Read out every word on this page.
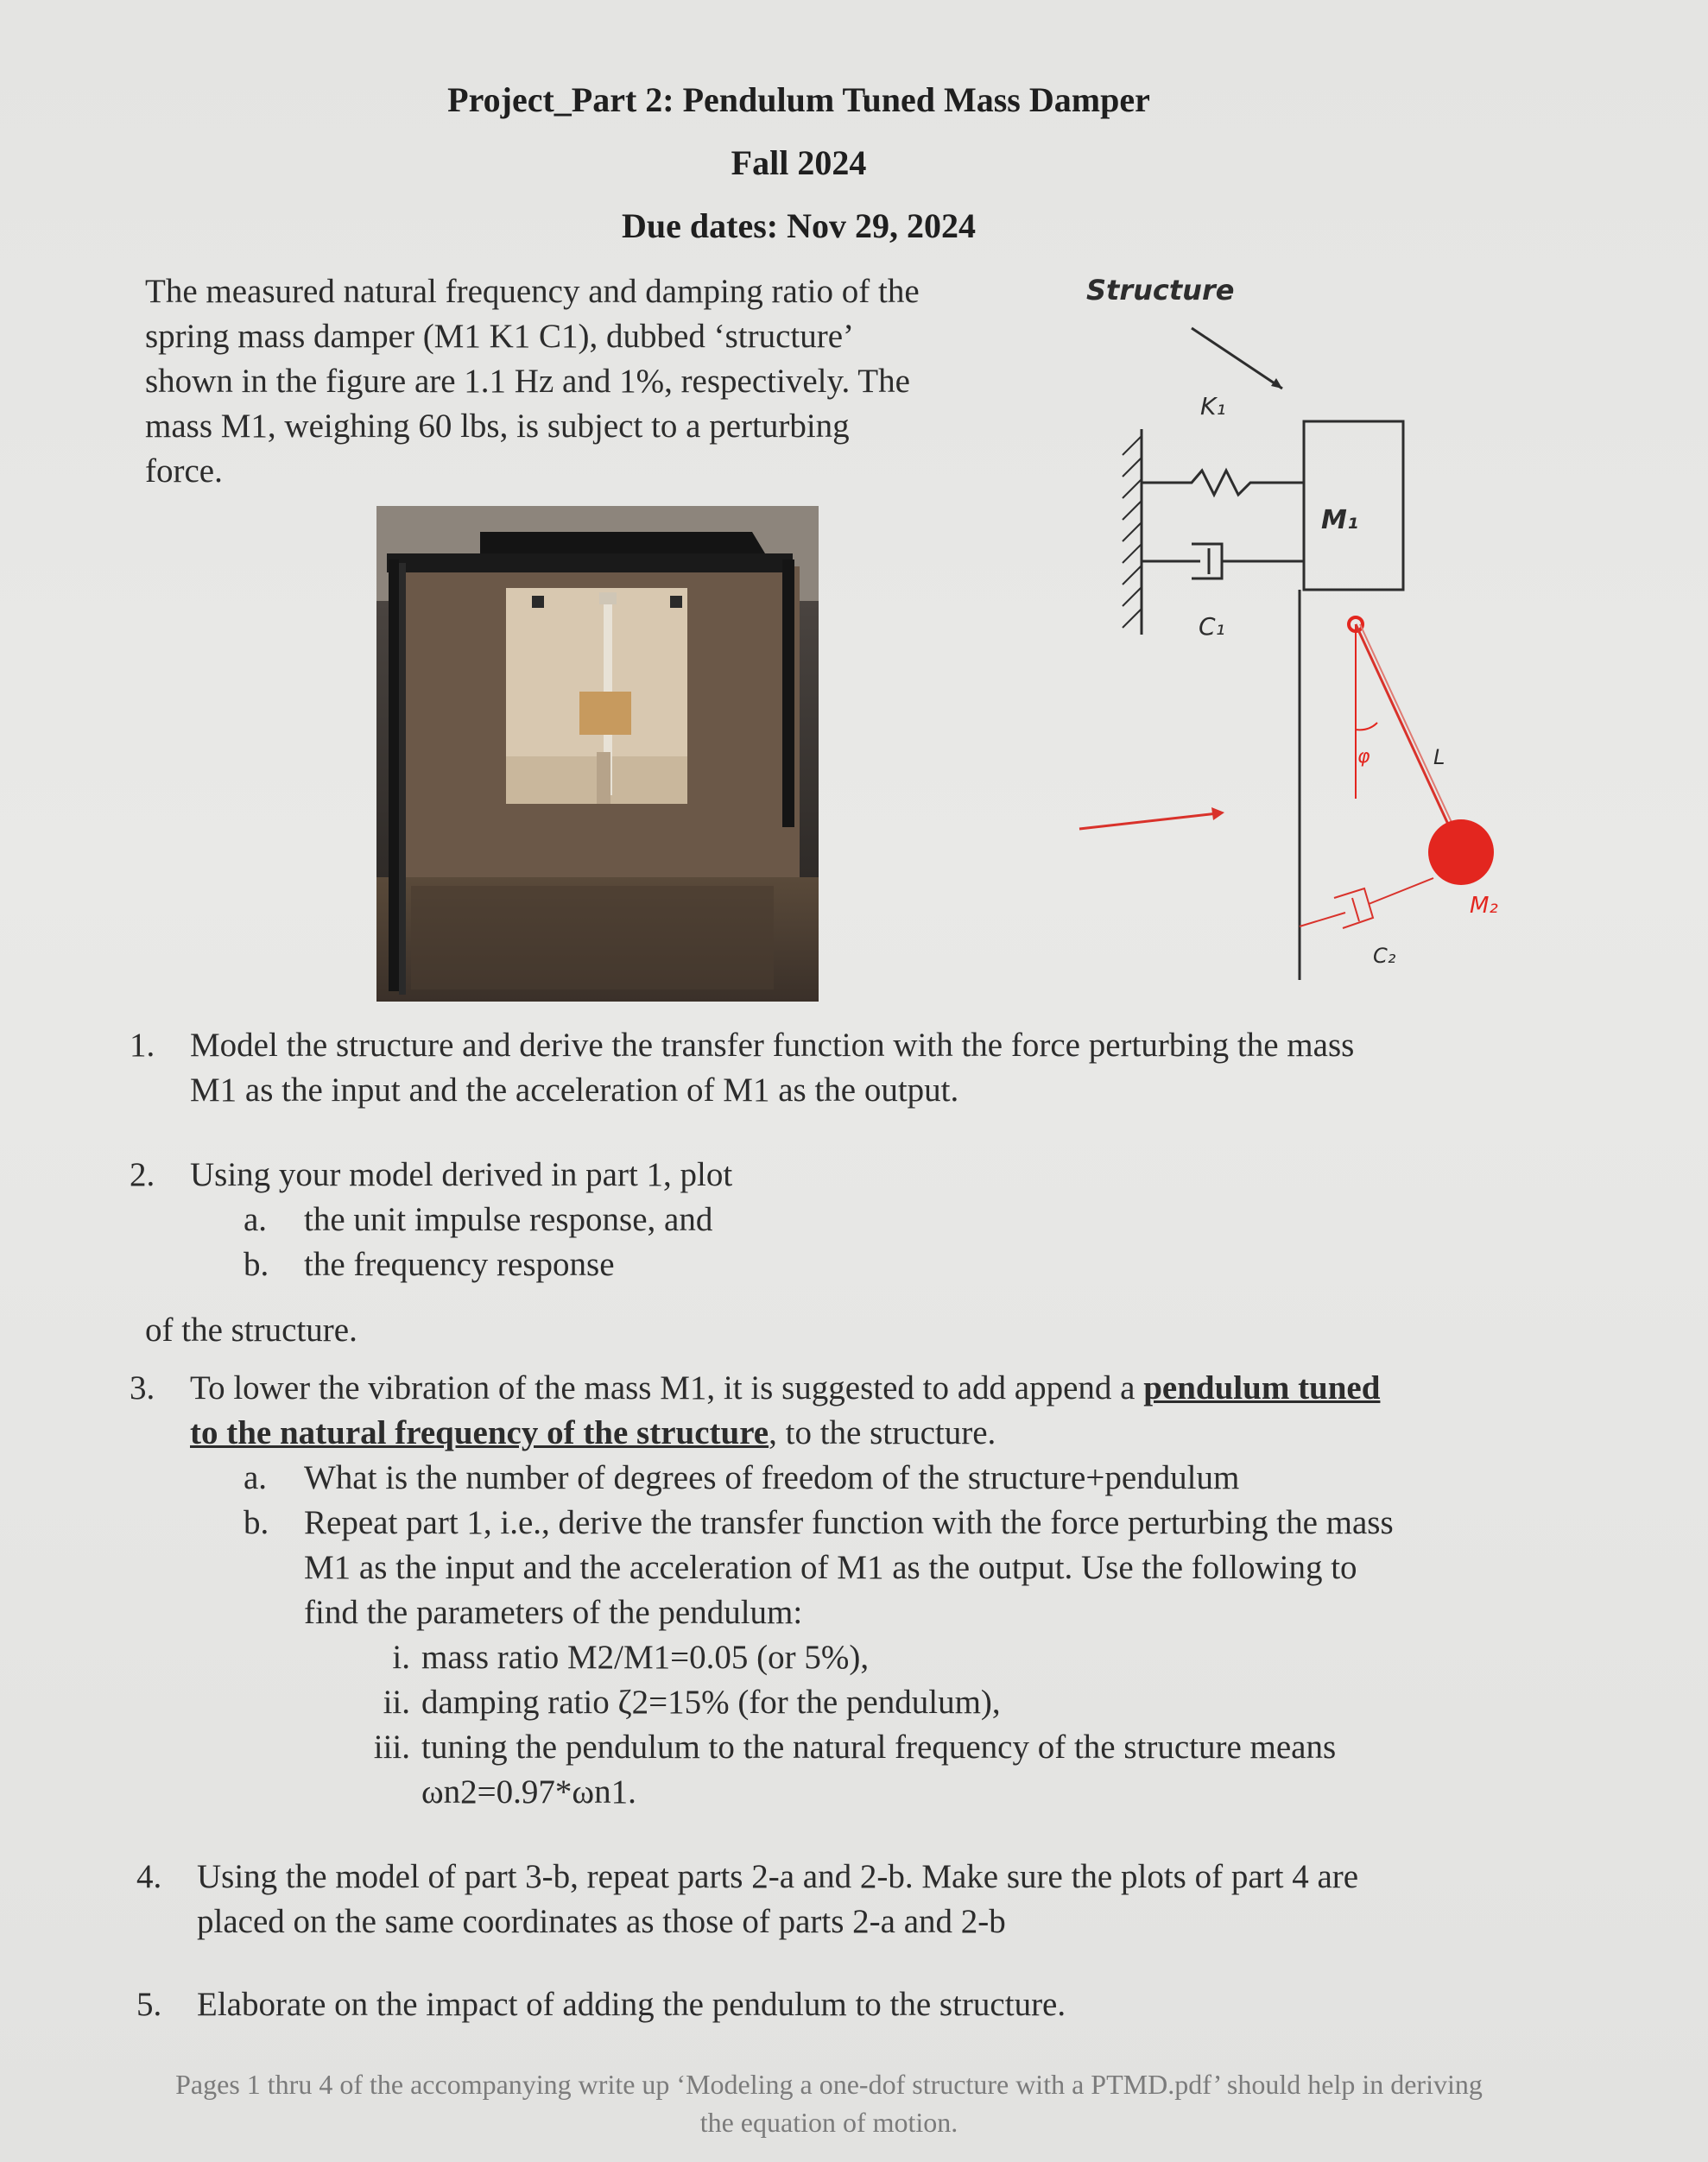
Project_Part 2: Pendulum Tuned Mass Damper
Fall 2024
Due dates: Nov 29, 2024
The measured natural frequency and damping ratio of the
spring mass damper (M1 K1 C1), dubbed ‘structure’
shown in the figure are 1.1 Hz and 1%, respectively. The
mass M1, weighing 60 lbs, is subject to a perturbing
force.
Structure
K₁
C₁
M₁
φ	L
M₂
C₂
1. Model the structure and derive the transfer function with the force perturbing the mass
M1 as the input and the acceleration of M1 as the output.
2. Using your model derived in part 1, plot
a. the unit impulse response, and
b. the frequency response
of the structure.
3. To lower the vibration of the mass M1, it is suggested to add append a pendulum tuned
to the natural frequency of the structure, to the structure.
a. What is the number of degrees of freedom of the structure+pendulum
b. Repeat part 1, i.e., derive the transfer function with the force perturbing the mass
M1 as the input and the acceleration of M1 as the output. Use the following to
find the parameters of the pendulum:
i. mass ratio M2/M1=0.05 (or 5%),
ii. damping ratio ζ2=15% (for the pendulum),
iii. tuning the pendulum to the natural frequency of the structure means
ωn2=0.97*ωn1.
4. Using the model of part 3-b, repeat parts 2-a and 2-b. Make sure the plots of part 4 are
placed on the same coordinates as those of parts 2-a and 2-b
5. Elaborate on the impact of adding the pendulum to the structure.
Pages 1 thru 4 of the accompanying write up ‘Modeling a one-dof structure with a PTMD.pdf’ should help in deriving
the equation of motion.
